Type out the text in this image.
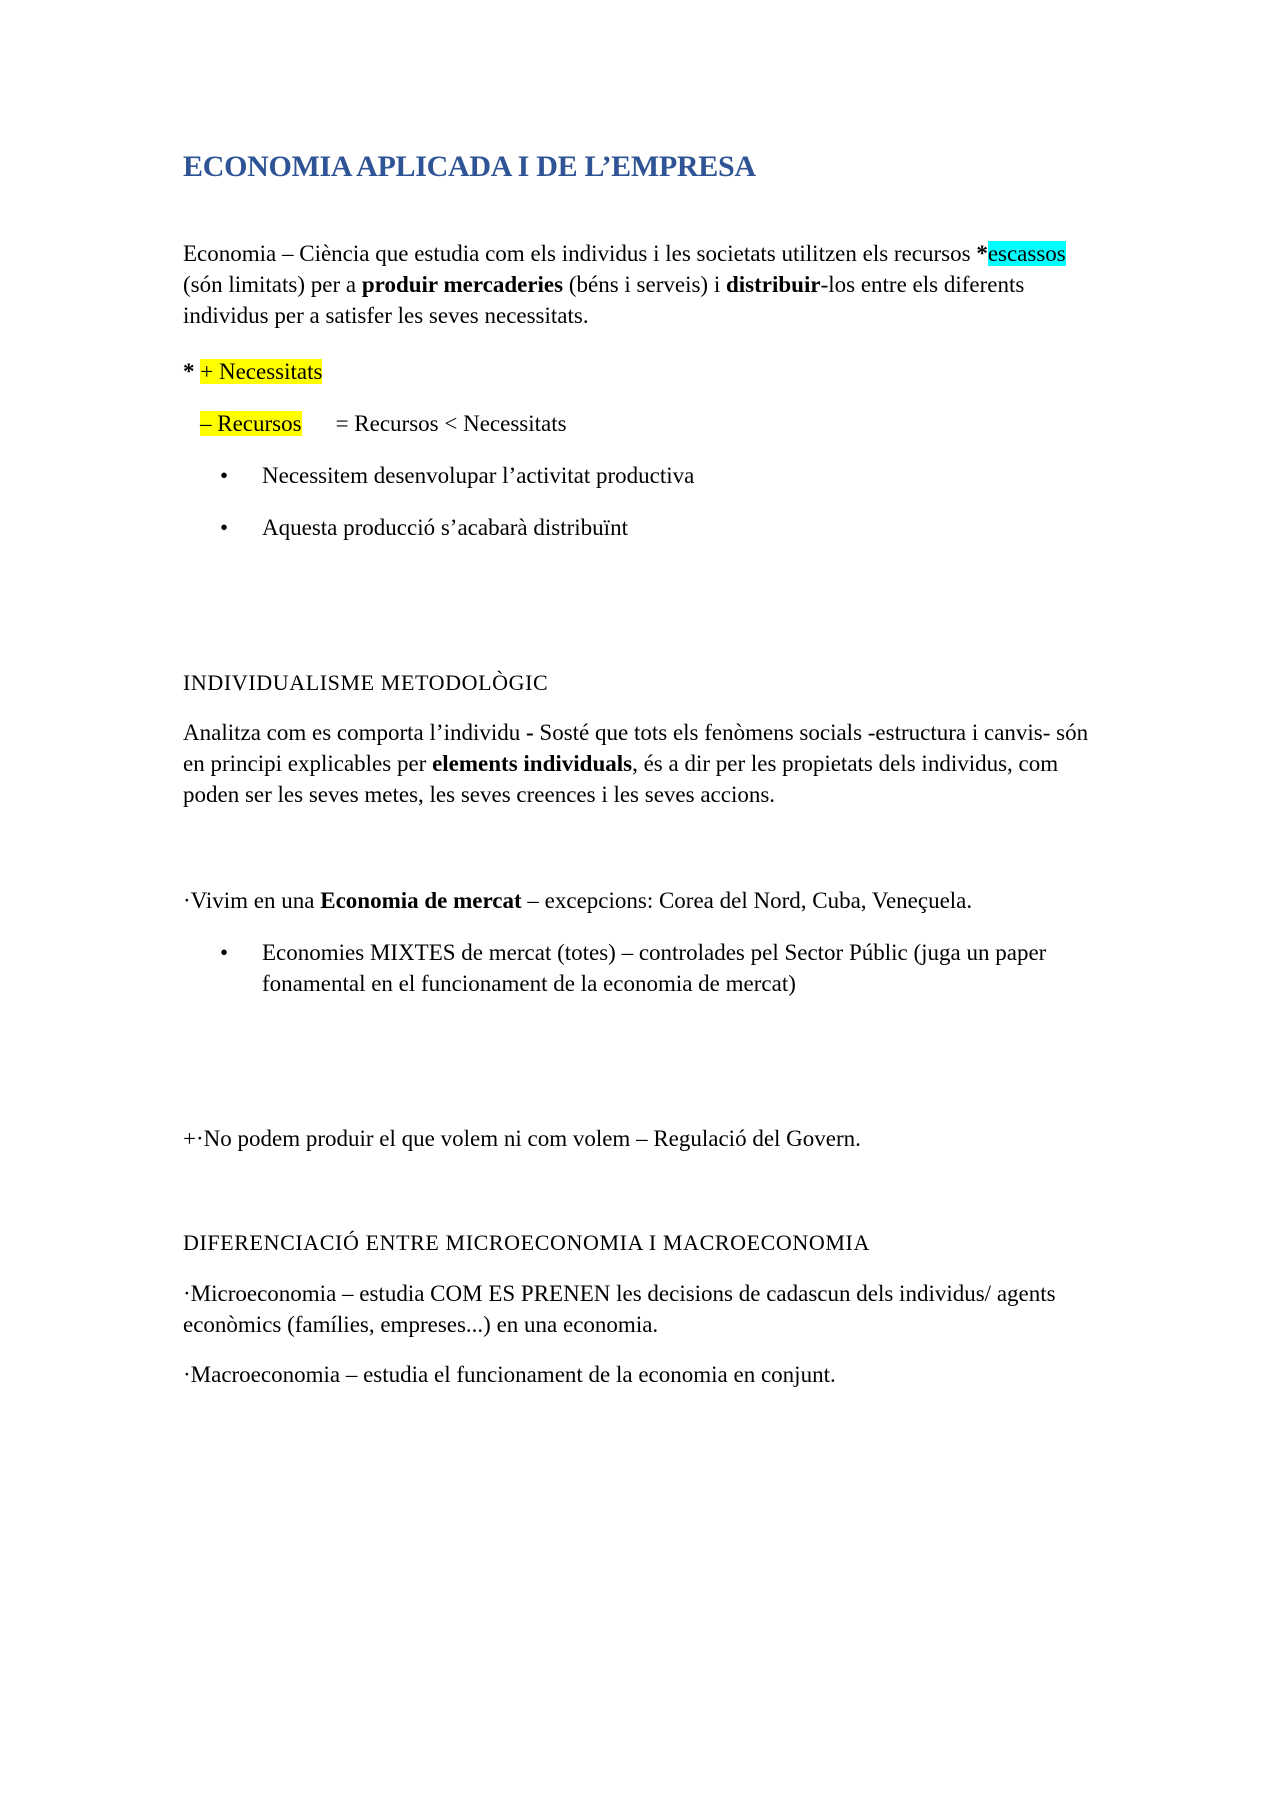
ECONOMIA APLICADA I DE L’EMPRESA
Economia – Ciència que estudia com els individus i les societats utilitzen els recursos *escassos
(són limitats) per a produir mercaderies (béns i serveis) i distribuir-los entre els diferents individus per a satisfer les seves necessitats.
* + Necessitats
– Recursos = Recursos < Necessitats
• Necessitem desenvolupar l’activitat productiva
• Aquesta producció s’acabarà distribuïnt
INDIVIDUALISME METODOLÒGIC
Analitza com es comporta l’individu - Sosté que tots els fenòmens socials -estructura i canvis- són en principi explicables per elements individuals, és a dir per les propietats dels individus, com poden ser les seves metes, les seves creences i les seves accions.
·Vivim en una Economia de mercat – excepcions: Corea del Nord, Cuba, Veneçuela.
• Economies MIXTES de mercat (totes) – controlades pel Sector Públic (juga un paper fonamental en el funcionament de la economia de mercat)
+·No podem produir el que volem ni com volem – Regulació del Govern.
DIFERENCIACIÓ ENTRE MICROECONOMIA I MACROECONOMIA
·Microeconomia – estudia COM ES PRENEN les decisions de cadascun dels individus/ agents econòmics (famílies, empreses...) en una economia.
·Macroeconomia – estudia el funcionament de la economia en conjunt.
